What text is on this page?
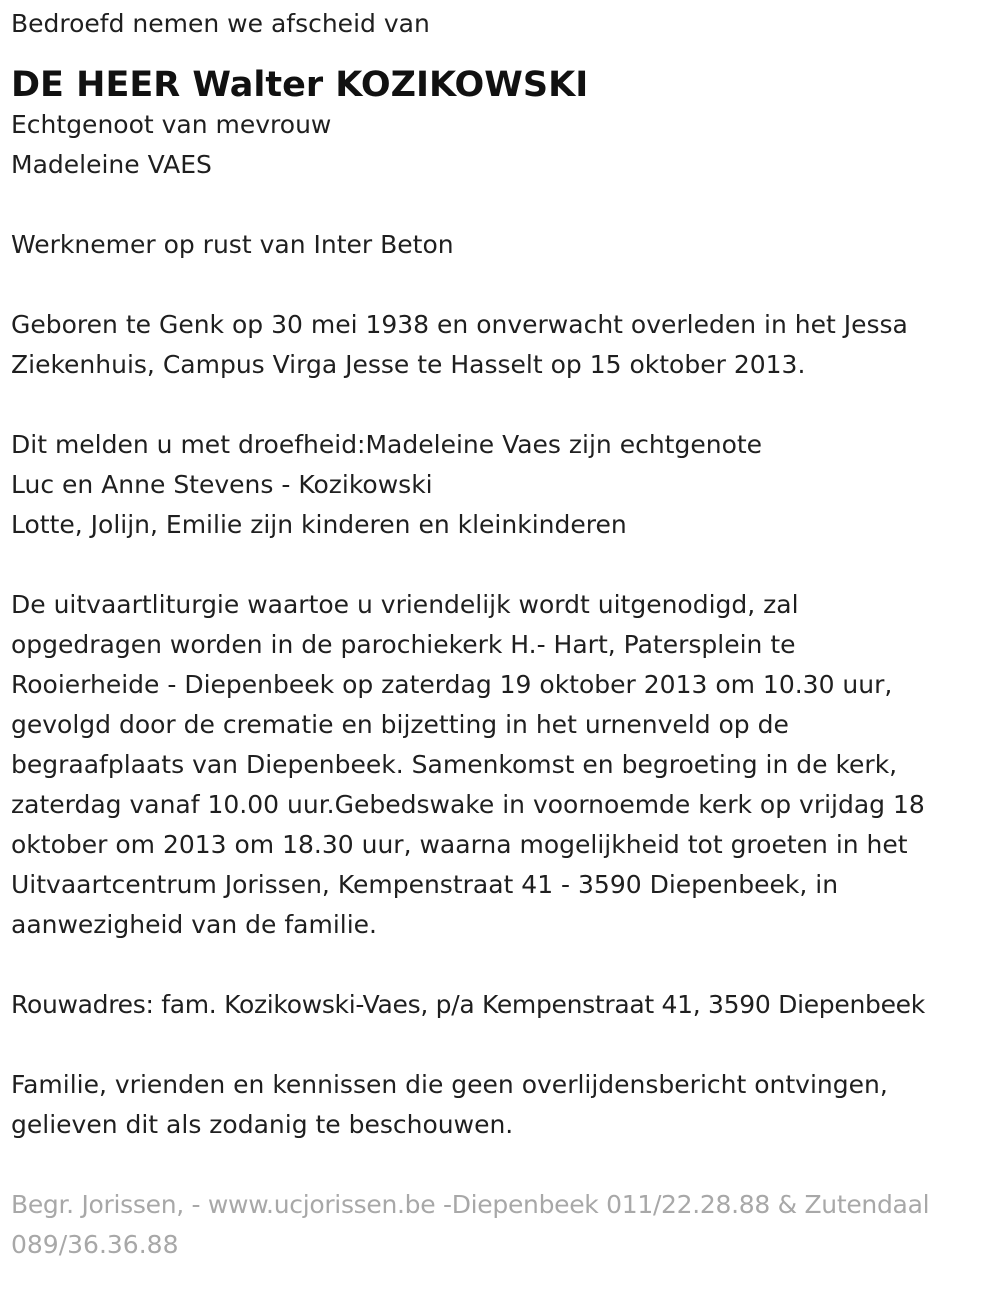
Bedroefd nemen we afscheid van

DE HEER Walter KOZIKOWSKI

Echtgenoot van mevrouw

Madeleine VAES

Werknemer op rust van Inter Beton

Geboren te Genk op 30 mei 1938 en onverwacht overleden in het Jessa

Ziekenhuis, Campus Virga Jesse te Hasselt op 15 oktober 2013.

Dit melden u met droefheid:Madeleine Vaes zijn echtgenote

Luc en Anne Stevens - Kozikowski

Lotte, Jolijn, Emilie zijn kinderen en kleinkinderen

De uitvaartliturgie waartoe u vriendelijk wordt uitgenodigd, zal

opgedragen worden in de parochiekerk H.- Hart, Patersplein te

Rooierheide - Diepenbeek op zaterdag 19 oktober 2013 om 10.30 uur,

gevolgd door de crematie en bijzetting in het urnenveld op de

begraafplaats van Diepenbeek. Samenkomst en begroeting in de kerk,

zaterdag vanaf 10.00 uur.Gebedswake in voornoemde kerk op vrijdag 18

oktober om 2013 om 18.30 uur, waarna mogelijkheid tot groeten in het

Uitvaartcentrum Jorissen, Kempenstraat 41 - 3590 Diepenbeek, in

aanwezigheid van de familie.

Rouwadres: fam. Kozikowski-Vaes, p/a Kempenstraat 41, 3590 Diepenbeek

Familie, vrienden en kennissen die geen overlijdensbericht ontvingen,

gelieven dit als zodanig te beschouwen.

Begr. Jorissen, - www.ucjorissen.be -Diepenbeek 011/22.28.88 & Zutendaal

089/36.36.88
